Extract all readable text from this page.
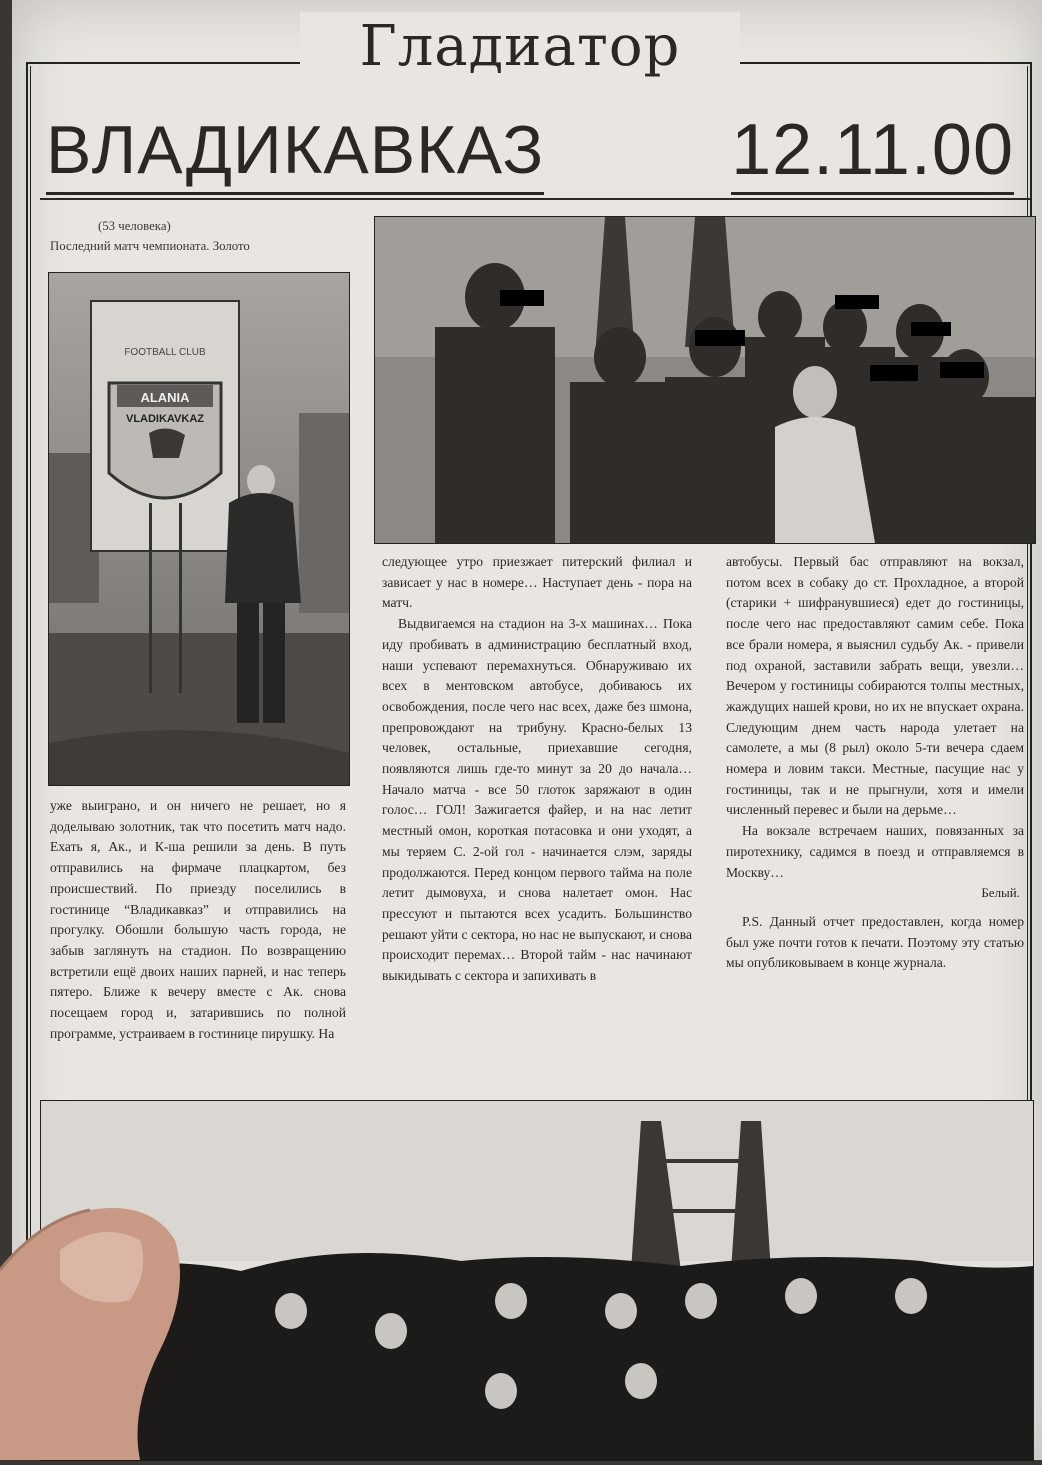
Гладиатор
ВЛАДИКАВКАЗ	12.11.00
(53 человека)
Последний матч чемпионата. Золото
FOOTBALL CLUB
ALANIA
VLADIKAVKAZ

уже выиграно, и он ничего не решает, но я доделываю золотник, так что посетить матч надо. Ехать я, Ак., и К-ша решили за день. В путь отправились на фирмаче плацкартом, без происшествий. По приезду поселились в гостинице “Владикавказ” и отправились на прогулку. Обошли большую часть города, не забыв заглянуть на стадион. По возвращению встретили ещё двоих наших парней, и нас теперь пятеро. Ближе к вечеру вместе с Ак. снова посещаем город и, затарившись по полной программе, устраиваем в гостинице пирушку. На

следующее утро приезжает питерский филиал и зависает у нас в номере… Наступает день - пора на матч.

Выдвигаемся на стадион на 3-х машинах… Пока иду пробивать в администрацию бесплатный вход, наши успевают перемахнуться. Обнаруживаю их всех в ментовском автобусе, добиваюсь их освобождения, после чего нас всех, даже без шмона, препровождают на трибуну. Красно-белых 13 человек, остальные, приехавшие сегодня, появляются лишь где-то минут за 20 до начала… Начало матча - все 50 глоток заряжают в один голос… ГОЛ! Зажигается файер, и на нас летит местный омон, короткая потасовка и они уходят, а мы теряем С. 2-ой гол - начинается слэм, заряды продолжаются. Перед концом первого тайма на поле летит дымовуха, и снова налетает омон. Нас прессуют и пытаются всех усадить. Большинство решают уйти с сектора, но нас не выпускают, и снова происходит перемах… Второй тайм - нас начинают выкидывать с сектора и запихивать в

автобусы. Первый бас отправляют на вокзал, потом всех в собаку до ст. Прохладное, а второй (старики + шифранувшиеся) едет до гостиницы, после чего нас предоставляют самим себе. Пока все брали номера, я выяснил судьбу Ак. - привели под охраной, заставили забрать вещи, увезли… Вечером у гостиницы собираются толпы местных, жаждущих нашей крови, но их не впускает охрана. Следующим днем часть народа улетает на самолете, а мы (8 рыл) около 5-ти вечера сдаем номера и ловим такси. Местные, пасущие нас у гостиницы, так и не прыгнули, хотя и имели численный перевес и были на дерьме…

На вокзале встречаем наших, повязанных за пиротехнику, садимся в поезд и отправляемся в Москву…

Белый.

P.S. Данный отчет предоставлен, когда номер был уже почти готов к печати. Поэтому эту статью мы опубликовываем в конце журнала.
